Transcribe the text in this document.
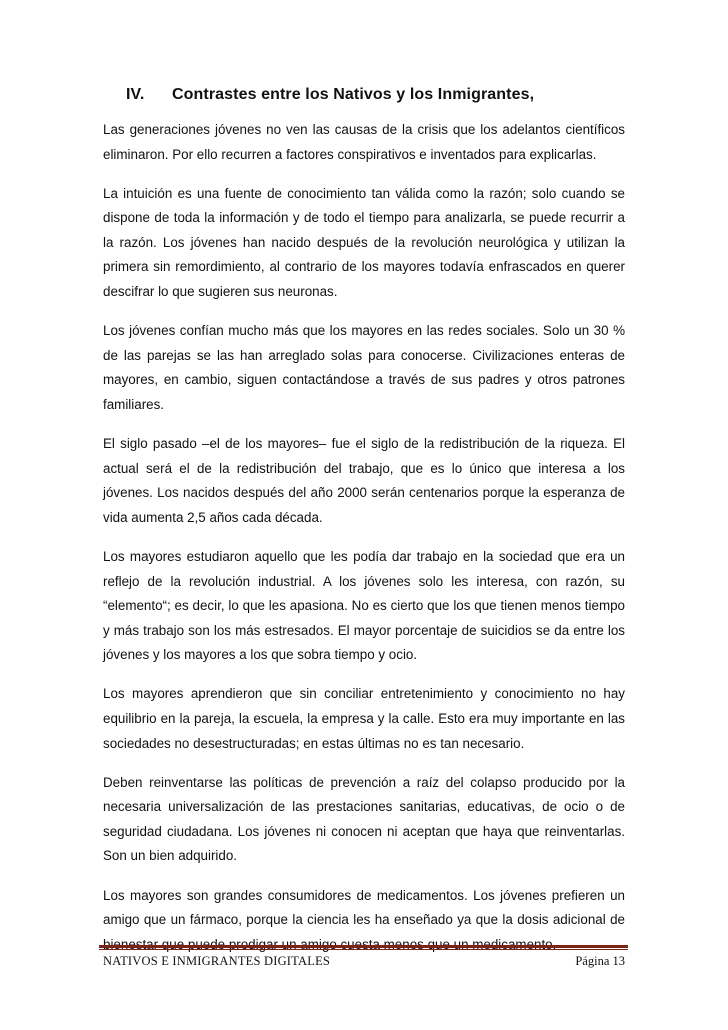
IV. Contrastes entre los Nativos y los Inmigrantes,

Las generaciones jóvenes no ven las causas de la crisis que los adelantos científicos eliminaron. Por ello recurren a factores conspirativos e inventados para explicarlas.

La intuición es una fuente de conocimiento tan válida como la razón; solo cuando se dispone de toda la información y de todo el tiempo para analizarla, se puede recurrir a la razón. Los jóvenes han nacido después de la revolución neurológica y utilizan la primera sin remordimiento, al contrario de los mayores todavía enfrascados en querer descifrar lo que sugieren sus neuronas.

Los jóvenes confían mucho más que los mayores en las redes sociales. Solo un 30 % de las parejas se las han arreglado solas para conocerse. Civilizaciones enteras de mayores, en cambio, siguen contactándose a través de sus padres y otros patrones familiares.

El siglo pasado –el de los mayores– fue el siglo de la redistribución de la riqueza. El actual será el de la redistribución del trabajo, que es lo único que interesa a los jóvenes. Los nacidos después del año 2000 serán centenarios porque la esperanza de vida aumenta 2,5 años cada década.

Los mayores estudiaron aquello que les podía dar trabajo en la sociedad que era un reflejo de la revolución industrial. A los jóvenes solo les interesa, con razón, su “elemento“; es decir, lo que les apasiona. No es cierto que los que tienen menos tiempo y más trabajo son los más estresados. El mayor porcentaje de suicidios se da entre los jóvenes y los mayores a los que sobra tiempo y ocio.

Los mayores aprendieron que sin conciliar entretenimiento y conocimiento no hay equilibrio en la pareja, la escuela, la empresa y la calle. Esto era muy importante en las sociedades no desestructuradas; en estas últimas no es tan necesario.

Deben reinventarse las políticas de prevención a raíz del colapso producido por la necesaria universalización de las prestaciones sanitarias, educativas, de ocio o de seguridad ciudadana. Los jóvenes ni conocen ni aceptan que haya que reinventarlas. Son un bien adquirido.

Los mayores son grandes consumidores de medicamentos. Los jóvenes prefieren un amigo que un fármaco, porque la ciencia les ha enseñado ya que la dosis adicional de

NATIVOS E INMIGRANTES DIGITALES	Página 13
